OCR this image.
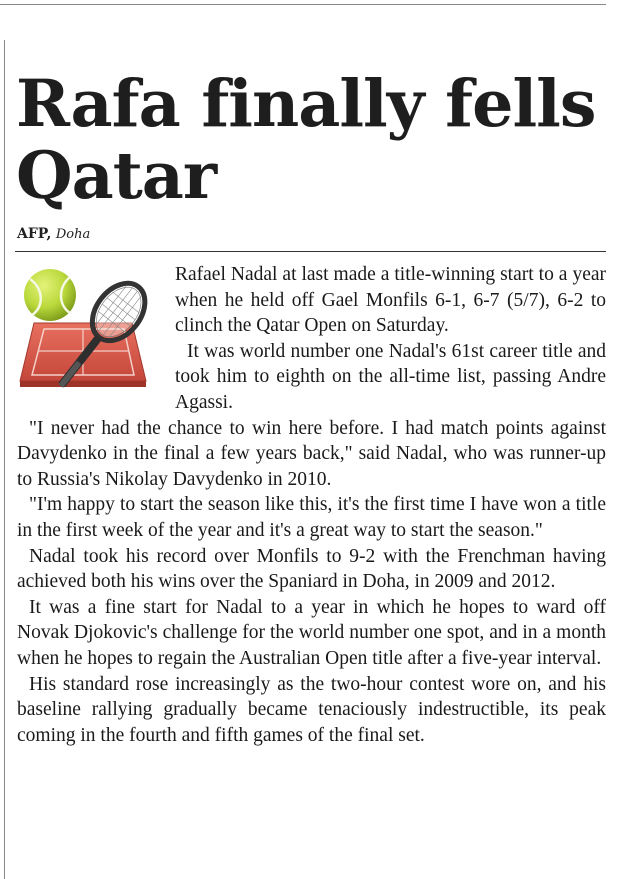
Rafa finally fells Qatar
AFP, Doha

Rafael Nadal at last made a title-winning start to a year when he held off Gael Monfils 6-1, 6-7 (5/7), 6-2 to clinch the Qatar Open on Saturday.

It was world number one Nadal's 61st career title and took him to eighth on the all-time list, passing Andre Agassi.

"I never had the chance to win here before. I had match points against Davydenko in the final a few years back," said Nadal, who was runner-up to Russia's Nikolay Davydenko in 2010.

"I'm happy to start the season like this, it's the first time I have won a title in the first week of the year and it's a great way to start the season."

Nadal took his record over Monfils to 9-2 with the Frenchman having achieved both his wins over the Spaniard in Doha, in 2009 and 2012.

It was a fine start for Nadal to a year in which he hopes to ward off Novak Djokovic's challenge for the world number one spot, and in a month when he hopes to regain the Australian Open title after a five-year interval.

His standard rose increasingly as the two-hour contest wore on, and his baseline rallying gradually became tenaciously indestructible, its peak coming in the fourth and fifth games of the final set.
